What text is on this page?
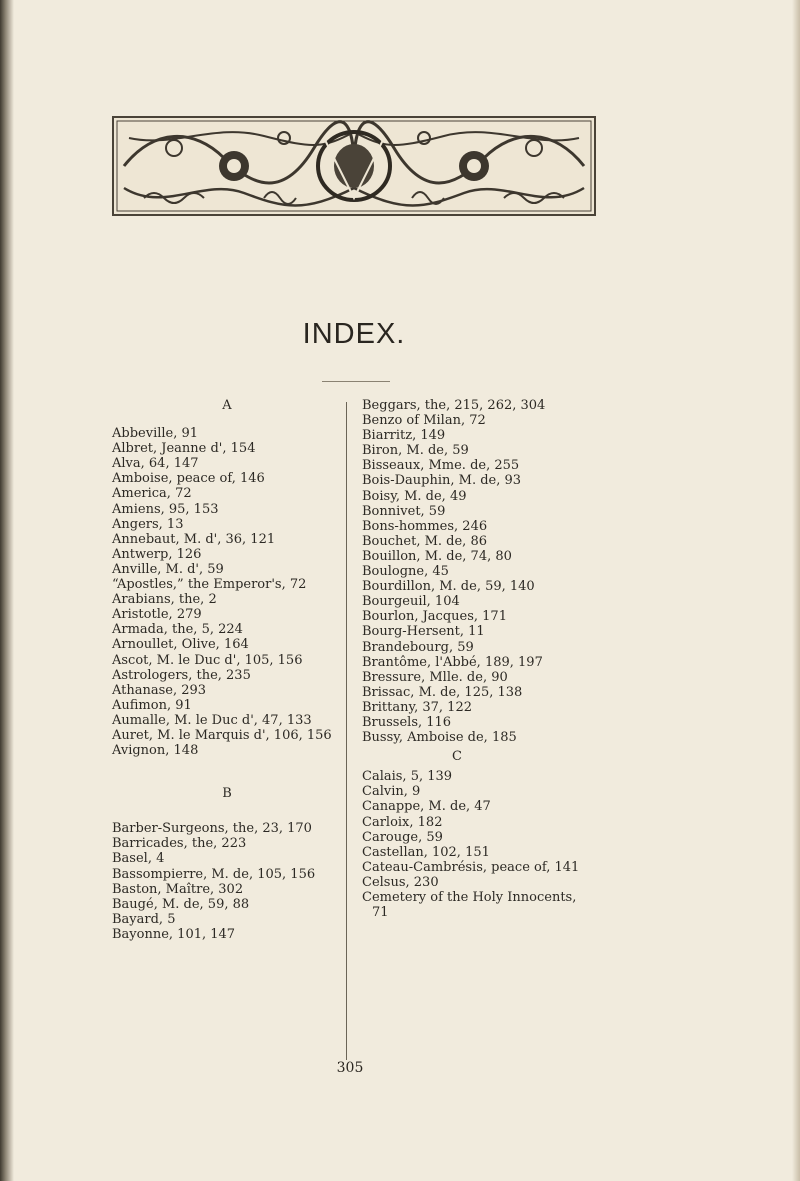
INDEX.
A
Abbeville, 91
Albret, Jeanne d', 154
Alva, 64, 147
Amboise, peace of, 146
America, 72
Amiens, 95, 153
Angers, 13
Annebaut, M. d', 36, 121
Antwerp, 126
Anville, M. d', 59
“Apostles,” the Emperor's, 72
Arabians, the, 2
Aristotle, 279
Armada, the, 5, 224
Arnoullet, Olive, 164
Ascot, M. le Duc d', 105, 156
Astrologers, the, 235
Athanase, 293
Aufimon, 91
Aumalle, M. le Duc d', 47, 133
Auret, M. le Marquis d', 106, 156
Avignon, 148
B
Barber-Surgeons, the, 23, 170
Barricades, the, 223
Basel, 4
Bassompierre, M. de, 105, 156
Baston, Maître, 302
Baugé, M. de, 59, 88
Bayard, 5
Bayonne, 101, 147
Beggars, the, 215, 262, 304
Benzo of Milan, 72
Biarritz, 149
Biron, M. de, 59
Bisseaux, Mme. de, 255
Bois-Dauphin, M. de, 93
Boisy, M. de, 49
Bonnivet, 59
Bons-hommes, 246
Bouchet, M. de, 86
Bouillon, M. de, 74, 80
Boulogne, 45
Bourdillon, M. de, 59, 140
Bourgeuil, 104
Bourlon, Jacques, 171
Bourg-Hersent, 11
Brandebourg, 59
Brantôme, l'Abbé, 189, 197
Bressure, Mlle. de, 90
Brissac, M. de, 125, 138
Brittany, 37, 122
Brussels, 116
Bussy, Amboise de, 185
C
Calais, 5, 139
Calvin, 9
Canappe, M. de, 47
Carloix, 182
Carouge, 59
Castellan, 102, 151
Cateau-Cambrésis, peace of, 141
Celsus, 230
Cemetery of the Holy Innocents,
71
305
